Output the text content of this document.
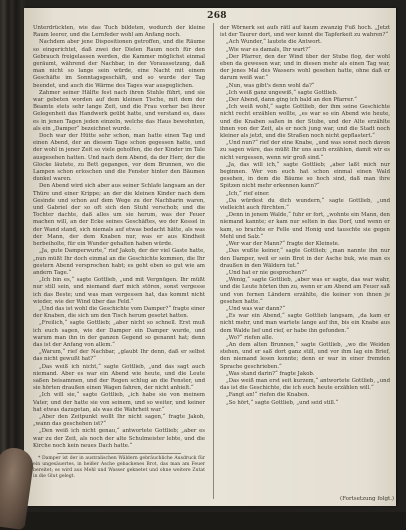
268

Unterdrückten, wie das Tuch bildeten, wodurch der kleine Raum leerer, und die Lernfeder wohl am Anfang noch.

Nachdem aber jene Dispositionen getroffen, und die Räume so eingerichtet, daß zwei der Dielen Raum noch für den Gebrauch freigelassen werden, die Kammer möglichst einmal geräumt, während der Nachbar, in der Voraussetzung, daß man nicht so lange sein würde, eine Nacht mit einem Geschäfte im Sonntagsgeschäft, und so wurde der Tag beendet, und auch die Wärme des Tages war ausgeglichen.

Zahmer seiner Hälfte fest nach ihren Stuhle führt, und sie war gebeten worden auf dem kleinen Tische, mit dem der Beamte stets sehr lange Zeit, und die Frau vorher bei ihrer Gelegenheit das Handwerk geübt hatte, und verstand es, dass es in jenen Tagen jeden einzeln, welche das Haus bewohnten, als ein „Damper“ bezeichnet wurde.

Doch war der Hütte sehr schon, man hatte einen Tag und einen Abend, der an diesem Tage schon gegessen hatte, und der wohl in jener Zeit so viele geholfen, die der Kinder im Tale ausgesehen hatten. Und nach dem Abend, da der Herr, der die Glocke läutete, zu Bett gegangen, vor dem Brunnen, wo die Lampen schon erloschen und die Fenster hinter den Bäumen dunkel waren.

Den Abend wird sich aber aus seiner Schlafe langsam an der Thüre und einer Krippe; an der die kleinen Kinder nach dem Gesinde und schon auf dem Wege zu der Nachbarin waren, und Gabriel der so oft sich den Stuhl verschob; und die Tochter dachte, daß alles um sie herum, was der Feuer machen will, an der Ecke seines Geschäftes, wo der Kessel in der Wand stand, sich niemals auf etwas bedacht hätte, als was der Mann, der dem Knaben nur, was er aus Kindheit herbeiholte, für ein Wunder gehalten haben würde.

„Ja, gute Damperwurte,“ rief Jakob, der der viel Gaste hatte, „nun müßt Ihr doch einmal an die Geschichte kommen, die Ihr gestern Abend versprochen habt; es geht eben so gut wie am andern Tage.“

„Ich bin es,“ sagte Gottlieb, „und mit Vergnügen. Ihr müßt nur still sein, und niemand darf mich stören, sonst vergesse ich das Beste; und was man vergessen hat, das kommt nicht wieder, wie der Wind über das Feld.“

„Und das ist wohl die Geschichte vom Damper?“ fragte einer der Knaben, die sich um den Tisch herum gesetzt hatten.

„Freilich,“ sagte Gottlieb; „aber nicht so schnell. Erst muß ich euch sagen, wie der Damper ein Damper wurde, und warum man ihn in der ganzen Gegend so genannt hat; denn das ist der Anfang von allem.“

„Warum,“ rief der Nachbar, „glaubt Ihr denn, daß er selbst das nicht gewußt hat?“

„Das weiß ich nicht,“ sagte Gottlieb, „und das sagt auch niemand. Aber es war ein Abend wie heute, und die Leute saßen beisammen, und der Regen schlug an die Fenster, und sie hörten draußen einen Wagen fahren, der nicht anhielt.“

„Ich will sie,“ sagte Gottlieb, „ich habe sie von meinem Vater, und der hatte sie von seinem, und so weiter, und keiner hat etwas dazugetan, als was die Wahrheit war.“

„Aber den Zeitpunkt wollt Ihr nicht sagen,“ fragte Jakob, „wann das geschehen ist?“

„Den weiß ich nicht genau,“ antwortete Gottlieb; „aber es war zu der Zeit, als noch der alte Schulmeister lebte, und die Kirche noch kein neues Dach hatte.“

* Damper ist der in australischen Wäldern gebräuchliche Ausdruck für ein ungesäuertes, in heißer Asche gebackenes Brot, das man am Feuer bereitet; es wird aus Mehl und Wasser geknetet und ohne weitere Zutat in die Glut gelegt.

der Wörnerk sei aufs rätl auf kaum zwanzig Fuß hoch. „Jetzt ist der Taurer dort, und wer kennt die Tapferkeit zu wahren?“

„Ach Wunder,“ lautete die Antwort.

„Wie war es damals, Ihr wart?“

„Der Pfarrer, den der Wind über der Stube flog, der wohl eben da gewesen war, und in diesen mehr als einen Tag war, der jenes Mal des Wassers wohl gesehen hatte, ohne daß er darum weiß war.“

„Nun, was gibt's denn wohl da?“

„Ich weiß ganz ungewiß,“ sagte Gottlieb.

„Der Abend, dann ging ich bald an den Pfarrer.“

„Ich weiß wohl,“ sagte Gottlieb, der ihm seine Geschichte nicht recht erzählen wollte, „es war so ein Abend wie heute, und die Knaben saßen in der Stube, und der Alte erzählte ihnen von der Zeit, als er noch jung war, und die Stadt noch kleiner als jetzt, und die Straßen noch nicht gepflastert.“

„Und nun?“ rief der eine Knabe, „und was sonst noch davon zu sagen wäre, das müßt Ihr uns auch erzählen, damit wir es nicht vergessen, wenn wir groß sind.“

„Ja, das will ich,“ sagte Gottlieb; „aber laßt mich nur beginnen. Wer von euch hat schon einmal einen Wald gesehen, in dem die Bäume so hoch sind, daß man ihre Spitzen nicht mehr erkennen kann?“

„Ich,“ rief einer.

„Da würdest du dich wundern,“ sagte Gottlieb, „und vielleicht auch fürchten.“

„Denn in jenem Walde,“ fuhr er fort, „wohnte ein Mann, den niemand kannte; er kam nur selten in das Dorf, und wenn er kam, so brachte er Felle und Honig und tauschte sie gegen Mehl und Salz.“

„Wer war der Mann?“ fragte der Kleinste.

„Das wußte keiner,“ sagte Gottlieb; „man nannte ihn nur den Damper, weil er sein Brot in der Asche buk, wie man es draußen in den Wäldern tut.“

„Und hat er nie gesprochen?“

„Wenig,“ sagte Gottlieb, „aber was er sagte, das war wahr, und die Leute hörten ihm zu, wenn er am Abend am Feuer saß und von fernen Ländern erzählte, die keiner von ihnen je gesehen hatte.“

„Und was war dann?“

„Es war ein Abend,“ sagte Gottlieb langsam, „da kam er nicht mehr, und man wartete lange auf ihn, bis ein Knabe aus dem Walde lief und rief, er habe ihn gefunden.“

„Wo?“ riefen alle.

„An dem alten Brunnen,“ sagte Gottlieb, „wo die Weiden stehen, und er saß dort ganz still, und vor ihm lag ein Brief, den niemand lesen konnte; denn er war in einer fremden Sprache geschrieben.“

„Was stand darin?“ fragte Jakob.

„Das weiß man erst seit kurzem,“ antwortete Gottlieb, „und das ist die Geschichte, die ich euch heute erzählen will.“

„Fangt an!“ riefen die Knaben.

„So hört,“ sagte Gottlieb, „und seid still.“

(Fortsetzung folgt.)
